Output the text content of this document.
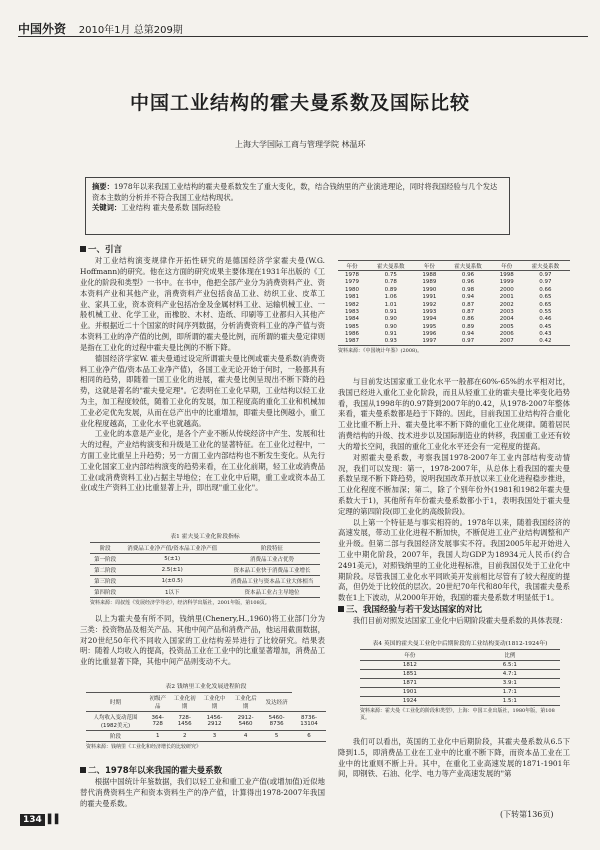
中国外资 2010年1月 总第209期
中国工业结构的霍夫曼系数及国际比较
上海大学国际工商与管理学院 林温环
摘要：1978年以来我国工业结构的霍夫曼系数发生了重大变化，数，结合钱纳里的产业演进理论，同时将我国经验与几个发达资本主数的分析并不符合我国工业结构现状。
关键词：工业结构 霍夫曼系数 国际经验

一、引言

对工业结构演变规律作开拓性研究的是德国经济学家霍夫曼(W.G. Hoffmann)的研究。他在这方面的研究成果主要体现在1931年出版的《工业化的阶段和类型》一书中。在书中，他把全部产业分为消费资料产业、资本资料产业和其他产业，消费资料产业包括食品工业、纺织工业、皮革工业、家具工业，资本资料产业包括冶金及金属材料工业、运输机械工业、一般机械工业、化学工业，而橡胶、木材、造纸、印刷等工业都归入其他产业。并根据近二十个国家的时间序列数据，分析消费资料工业的净产值与资本资料工业的净产值的比例，即所谓的霍夫曼比例，而所谓的霍夫曼定律则是指在工业化的过程中霍夫曼比例的不断下降。

德国经济学家W. 霍夫曼通过设定所谓霍夫曼比例或霍夫曼系数(消费资料工业净产值/资本品工业净产值)，各国工业无论开始于何时，一般都具有相同的趋势，即随着一国工业化的进展，霍夫曼比例呈现出不断下降的趋势，这就是著名的"霍夫曼定理"。它表明在工业化早期，工业结构以轻工业为主，加工程度较低，随着工业化的发展，加工程度高的重化工业和机械加工业必定优先发展，从而在总产出中的比重增加，即霍夫曼比例越小，重工业化程度越高，工业化水平也就越高。

工业化的本意是产业化，是各个产业不断从传统经济中产生、发展和壮大的过程，产业结构演变和升级是工业化的显著特征。在工业化过程中，一方面工业比重呈上升趋势；另一方面工业内部结构也不断发生变化。从先行工业化国家工业内部结构演变的趋势来看，在工业化前期，轻工业或消费品工业(或消费资料工业)占据主导地位；在工业化中后期，重工业或资本品工业(或生产资料工业)比重显著上升，即出现"重工业化"。

表1 霍夫曼工业化阶段指标
阶段	消费品工业净产值/资本品工业净产值	阶段特征
第一阶段	5(±1)	消费品工业占优势
第二阶段	2.5(±1)	资本品工业快于消费品工业增长
第三阶段	1(±0.5)	消费品工业与资本品工业大体相当
第四阶段	1以下	资本品工业占主导地位
资料来源：周叔莲《发展经济学导论》，经济科学出版社，2001年版，第108页。

以上为霍夫曼有所不同，钱纳里(Chenery,H.,1960)将工业部门分为三类：投资物品及相关产品、其他中间产品和消费产品，他运用截面数据，对20世纪50年代不同收入国家的工业结构差异进行了比较研究。结果表明：随着人均收入的提高，投资品工业在工业中的比重显著增加，消费品工业的比重显著下降，其他中间产品则变动不大。

表2 钱纳里工业化发展进程阶段
时期	初级产品	工业化初期	工业化中期	工业化后期	发达经济	
人均收入变动范围(1982美元)	364-728	728-1456	1456-2912	2912-5460	5460-8736	8736-13104
阶段	1	2	3	4	5	6
资料来源：钱纳里《工业化和经济增长的比较研究》

二、1978年以来我国的霍夫曼系数

根据中国统计年鉴数据，我们以轻工业和重工业产值(或增加值)近似地替代消费资料生产和资本资料生产的净产值，计算得出1978-2007年我国的霍夫曼系数。

年份	霍夫曼系数	年份	霍夫曼系数	年份	霍夫曼系数
1978	0.75	1988	0.96	1998	0.97
1979	0.78	1989	0.96	1999	0.97
1980	0.89	1990	0.98	2000	0.66
1981	1.06	1991	0.94	2001	0.65
1982	1.01	1992	0.87	2002	0.65
1983	0.91	1993	0.87	2003	0.55
1984	0.90	1994	0.86	2004	0.46
1985	0.90	1995	0.89	2005	0.45
1986	0.91	1996	0.94	2006	0.43
1987	0.93	1997	0.97	2007	0.42
资料来源：《中国统计年鉴》(2008)。

与目前发达国家重工业化水平一般都在60%-65%的水平相对比，我国已经进入重化工业化阶段，而且从轻重工业的霍夫曼比率变化趋势看，我国从1998年的0.97降到2007年的0.42，从1978-2007年整体来看，霍夫曼系数都是趋于下降的。因此，目前我国工业结构符合重化工业比重不断上升、霍夫曼比率不断下降的重化工业化规律。随着居民消费结构的升级、技术进步以及国际制造业的转移，我国重工业还有较大的增长空间，我国的重化工业化水平还会有一定程度的提高。

对照霍夫曼系数，考察我国1978-2007年工业内部结构变动情况，我们可以发现：第一，1978-2007年，从总体上看我国的霍夫曼系数呈现不断下降趋势，说明我国改革开放以来工业化进程稳步推进，工业化程度不断加深；第二，除了个别年份外(1981和1982年霍夫曼系数大于1)，其他所有年份霍夫曼系数都小于1，表明我国处于霍夫曼定理的第四阶段(即工业化的高级阶段)。

以上第一个特征是与事实相符的。1978年以来，随着我国经济的高速发展，带动工业化进程不断加快，不断促进工业产业结构调整和产业升级。但第二部与我国经济发展事实不符。我国2005年起开始进入工业中期化阶段，2007年，我国人均GDP为18934元人民币(约合2491美元)，对照钱纳里的工业化进程标准，目前我国仅处于工业化中期阶段。尽管我国工业化水平同欧美开发前相比尽管有了较大程度的提高，但仍处于比较低的层次。20世纪70年代和80年代，我国霍夫曼系数在1上下波动，从2000年开始，我国的霍夫曼系数才明显低于1。

三、我国经验与若干发达国家的对比

我们目前对照发达国家工业化中后期阶段霍夫曼系数的具体表现：

表4 英国的霍夫曼工业化中后期阶段的工业结构变动(1812-1924年)
年份	比例
1812	6.5:1
1851	4.7:1
1871	3.9:1
1901	1.7:1
1924	1.5:1
资料来源：霍夫曼《工业化的阶段和类型》，上海：中国工业出版社，1980年版，第108页。

我们可以看出，英国的工业化中后期阶段，其霍夫曼系数从6.5下降到1.5，即消费品工业在工业中的比重不断下降，而资本品工业在工业中的比重则不断上升。其中，在重化工业高速发展的1871-1901年间，即钢铁、石油、化学、电力等产业高速发展的"第

(下转第136页)
134 ▌▌
